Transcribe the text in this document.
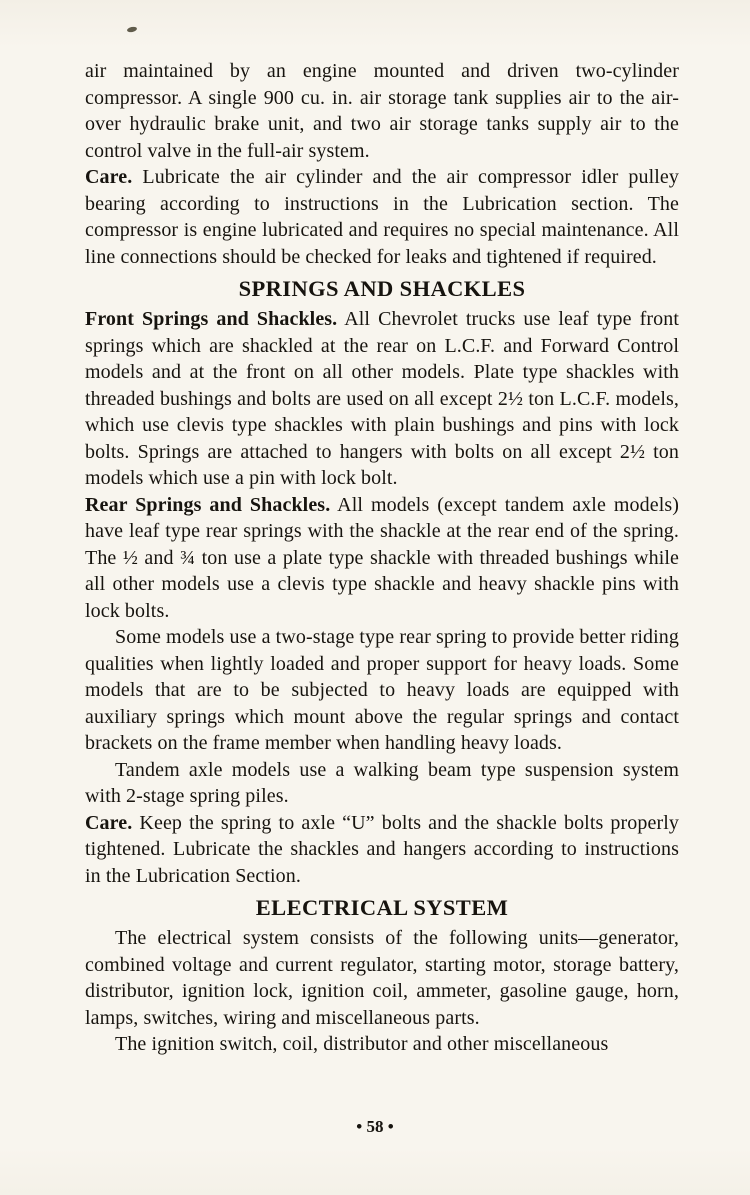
air maintained by an engine mounted and driven two-cylinder compressor. A single 900 cu. in. air storage tank supplies air to the air-over hydraulic brake unit, and two air storage tanks supply air to the control valve in the full-air system.

Care. Lubricate the air cylinder and the air compressor idler pulley bearing according to instructions in the Lubrication section. The compressor is engine lubricated and requires no special maintenance. All line connections should be checked for leaks and tightened if required.

SPRINGS AND SHACKLES

Front Springs and Shackles. All Chevrolet trucks use leaf type front springs which are shackled at the rear on L.C.F. and Forward Control models and at the front on all other models. Plate type shackles with threaded bushings and bolts are used on all except 2½ ton L.C.F. models, which use clevis type shackles with plain bushings and pins with lock bolts. Springs are attached to hangers with bolts on all except 2½ ton models which use a pin with lock bolt.

Rear Springs and Shackles. All models (except tandem axle models) have leaf type rear springs with the shackle at the rear end of the spring. The ½ and ¾ ton use a plate type shackle with threaded bushings while all other models use a clevis type shackle and heavy shackle pins with lock bolts.

Some models use a two-stage type rear spring to provide better riding qualities when lightly loaded and proper support for heavy loads. Some models that are to be subjected to heavy loads are equipped with auxiliary springs which mount above the regular springs and contact brackets on the frame member when handling heavy loads.

Tandem axle models use a walking beam type suspension system with 2-stage spring piles.

Care. Keep the spring to axle “U” bolts and the shackle bolts properly tightened. Lubricate the shackles and hangers according to instructions in the Lubrication Section.

ELECTRICAL SYSTEM

The electrical system consists of the following units—generator, combined voltage and current regulator, starting motor, storage battery, distributor, ignition lock, ignition coil, ammeter, gasoline gauge, horn, lamps, switches, wiring and miscellaneous parts.

The ignition switch, coil, distributor and other miscellaneous

• 58 •
